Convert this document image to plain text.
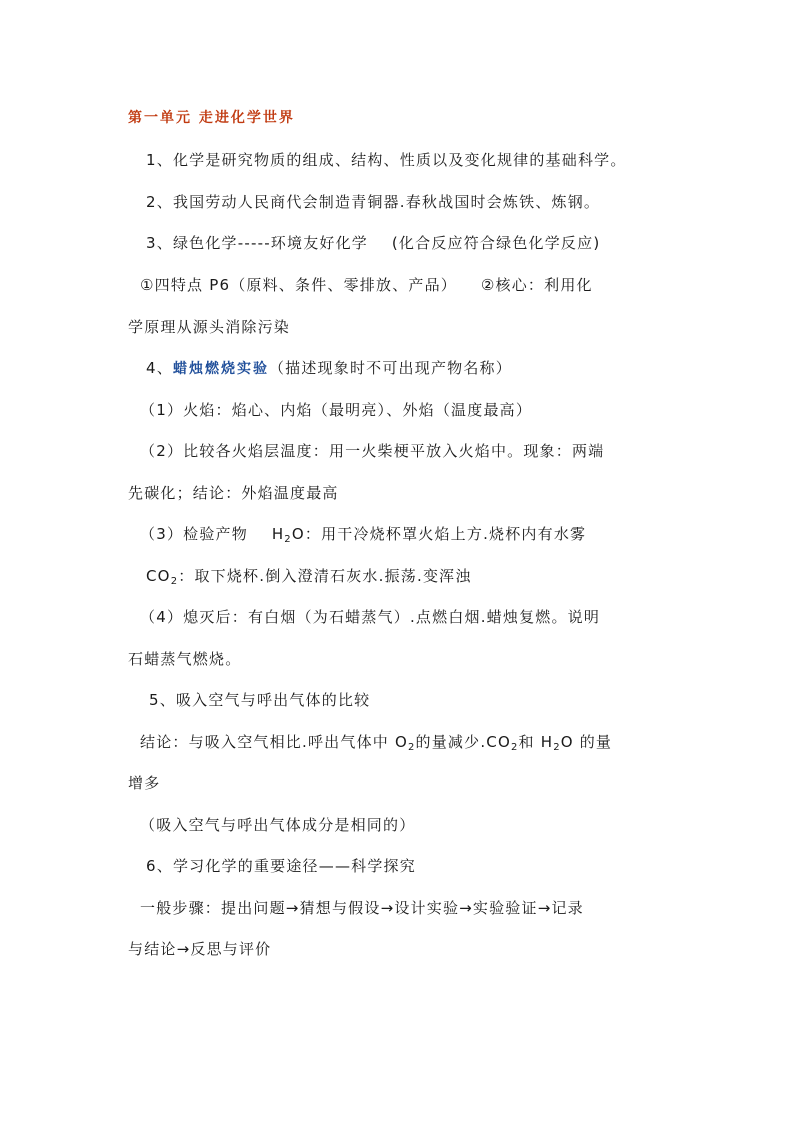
第一单元 走进化学世界
1、化学是研究物质的组成、结构、性质以及变化规律的基础科学。
2、我国劳动人民商代会制造青铜器.春秋战国时会炼铁、炼钢。
3、绿色化学-----环境友好化学    (化合反应符合绿色化学反应)
①四特点 P6（原料、条件、零排放、产品）    ②核心：利用化
学原理从源头消除污染
4、蜡烛燃烧实验（描述现象时不可出现产物名称）
（1）火焰：焰心、内焰（最明亮）、外焰（温度最高）
（2）比较各火焰层温度：用一火柴梗平放入火焰中。现象：两端
先碳化；结论：外焰温度最高
（3）检验产物    $H_2O$：用干冷烧杯罩火焰上方.烧杯内有水雾
$CO_2$：取下烧杯.倒入澄清石灰水.振荡.变浑浊
（4）熄灭后：有白烟（为石蜡蒸气）.点燃白烟.蜡烛复燃。说明
石蜡蒸气燃烧。
5、吸入空气与呼出气体的比较
结论：与吸入空气相比.呼出气体中 $O_2$的量减少$.CO_2$和 $H_2O$ 的量
增多
（吸入空气与呼出气体成分是相同的）
6、学习化学的重要途径——科学探究
一般步骤：提出问题→猜想与假设→设计实验→实验验证→记录
与结论→反思与评价
